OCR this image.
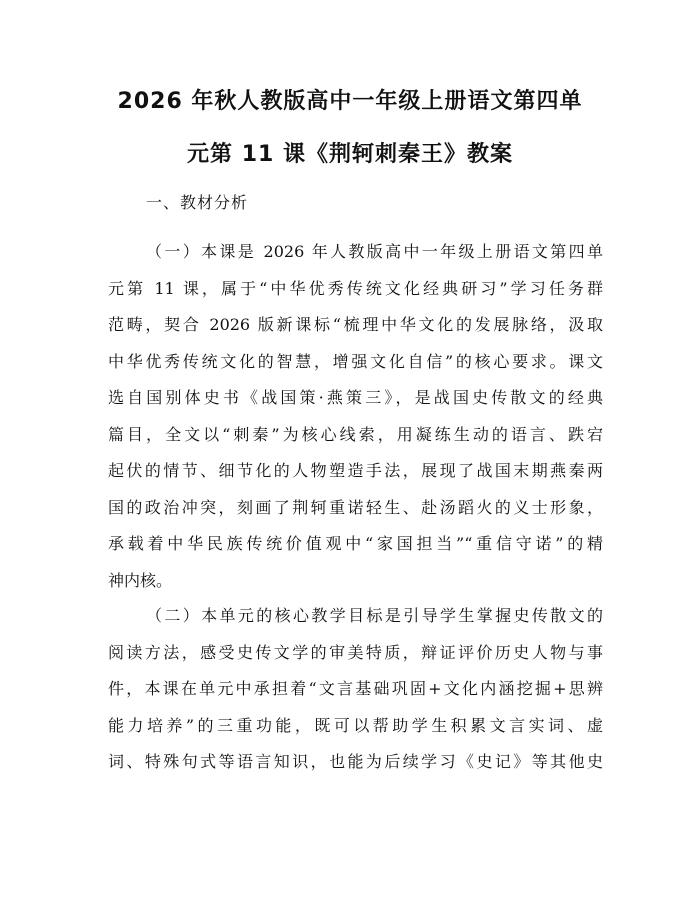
2026 年秋人教版高中一年级上册语文第四单
元第 11 课《荆轲刺秦王》教案
一、教材分析
（一）本课是 2026 年人教版高中一年级上册语文第四单
元第 11 课，属于“中华优秀传统文化经典研习”学习任务群
范畴，契合 2026 版新课标“梳理中华文化的发展脉络，汲取
中华优秀传统文化的智慧，增强文化自信”的核心要求。课文
选自国别体史书《战国策·燕策三》，是战国史传散文的经典
篇目，全文以“刺秦”为核心线索，用凝练生动的语言、跌宕
起伏的情节、细节化的人物塑造手法，展现了战国末期燕秦两
国的政治冲突，刻画了荆轲重诺轻生、赴汤蹈火的义士形象，
承载着中华民族传统价值观中“家国担当”“重信守诺”的精
神内核。
（二）本单元的核心教学目标是引导学生掌握史传散文的
阅读方法，感受史传文学的审美特质，辩证评价历史人物与事
件，本课在单元中承担着“文言基础巩固+文化内涵挖掘+思辨
能力培养”的三重功能，既可以帮助学生积累文言实词、虚
词、特殊句式等语言知识，也能为后续学习《史记》等其他史
